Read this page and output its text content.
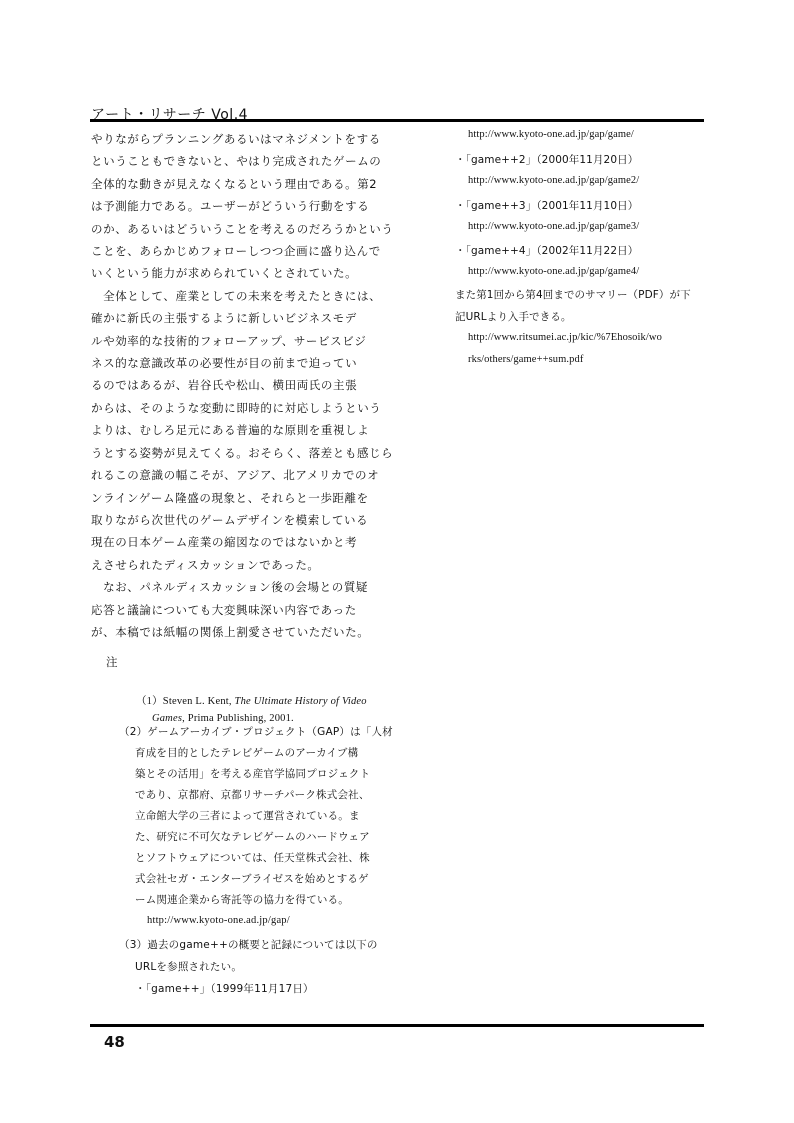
アート・リサーチ Vol.4

やりながらプランニングあるいはマネジメントをする

ということもできないと、やはり完成されたゲームの

全体的な動きが見えなくなるという理由である。第2

は予測能力である。ユーザーがどういう行動をする

のか、あるいはどういうことを考えるのだろうかという

ことを、あらかじめフォローしつつ企画に盛り込んで

いくという能力が求められていくとされていた。

　全体として、産業としての未来を考えたときには、

確かに新氏の主張するように新しいビジネスモデ

ルや効率的な技術的フォローアップ、サービスビジ

ネス的な意識改革の必要性が目の前まで迫ってい

るのではあるが、岩谷氏や松山、横田両氏の主張

からは、そのような変動に即時的に対応しようという

よりは、むしろ足元にある普遍的な原則を重視しよ

うとする姿勢が見えてくる。おそらく、落差とも感じら

れるこの意識の幅こそが、アジア、北アメリカでのオ

ンラインゲーム隆盛の現象と、それらと一歩距離を

取りながら次世代のゲームデザインを模索している

現在の日本ゲーム産業の縮図なのではないかと考

えさせられたディスカッションであった。

　なお、パネルディスカッション後の会場との質疑

応答と議論についても大変興味深い内容であった

が、本稿では紙幅の関係上割愛させていただいた。

注

（1）Steven L. Kent, The Ultimate History of Video

Games, Prima Publishing, 2001.

（2）ゲームアーカイブ・プロジェクト（GAP）は「人材
育成を目的としたテレビゲームのアーカイブ構
築とその活用」を考える産官学協同プロジェクト
であり、京都府、京都リサーチパーク株式会社、
立命館大学の三者によって運営されている。ま
た、研究に不可欠なテレビゲームのハードウェア
とソフトウェアについては、任天堂株式会社、株
式会社セガ・エンターブライゼスを始めとするゲ
ーム関連企業から寄託等の協力を得ている。
http://www.kyoto-one.ad.jp/gap/
（3）過去のgame++の概要と記録については以下の
URLを参照されたい。
・「game++」（1999年11月17日）
http://www.kyoto-one.ad.jp/gap/game/
・「game++2」（2000年11月20日）
http://www.kyoto-one.ad.jp/gap/game2/
・「game++3」（2001年11月10日）
http://www.kyoto-one.ad.jp/gap/game3/
・「game++4」（2002年11月22日）
http://www.kyoto-one.ad.jp/gap/game4/
また第1回から第4回までのサマリー（PDF）が下
記URLより入手できる。
http://www.ritsumei.ac.jp/kic/%7Ehosoik/wo
rks/others/game++sum.pdf
48
